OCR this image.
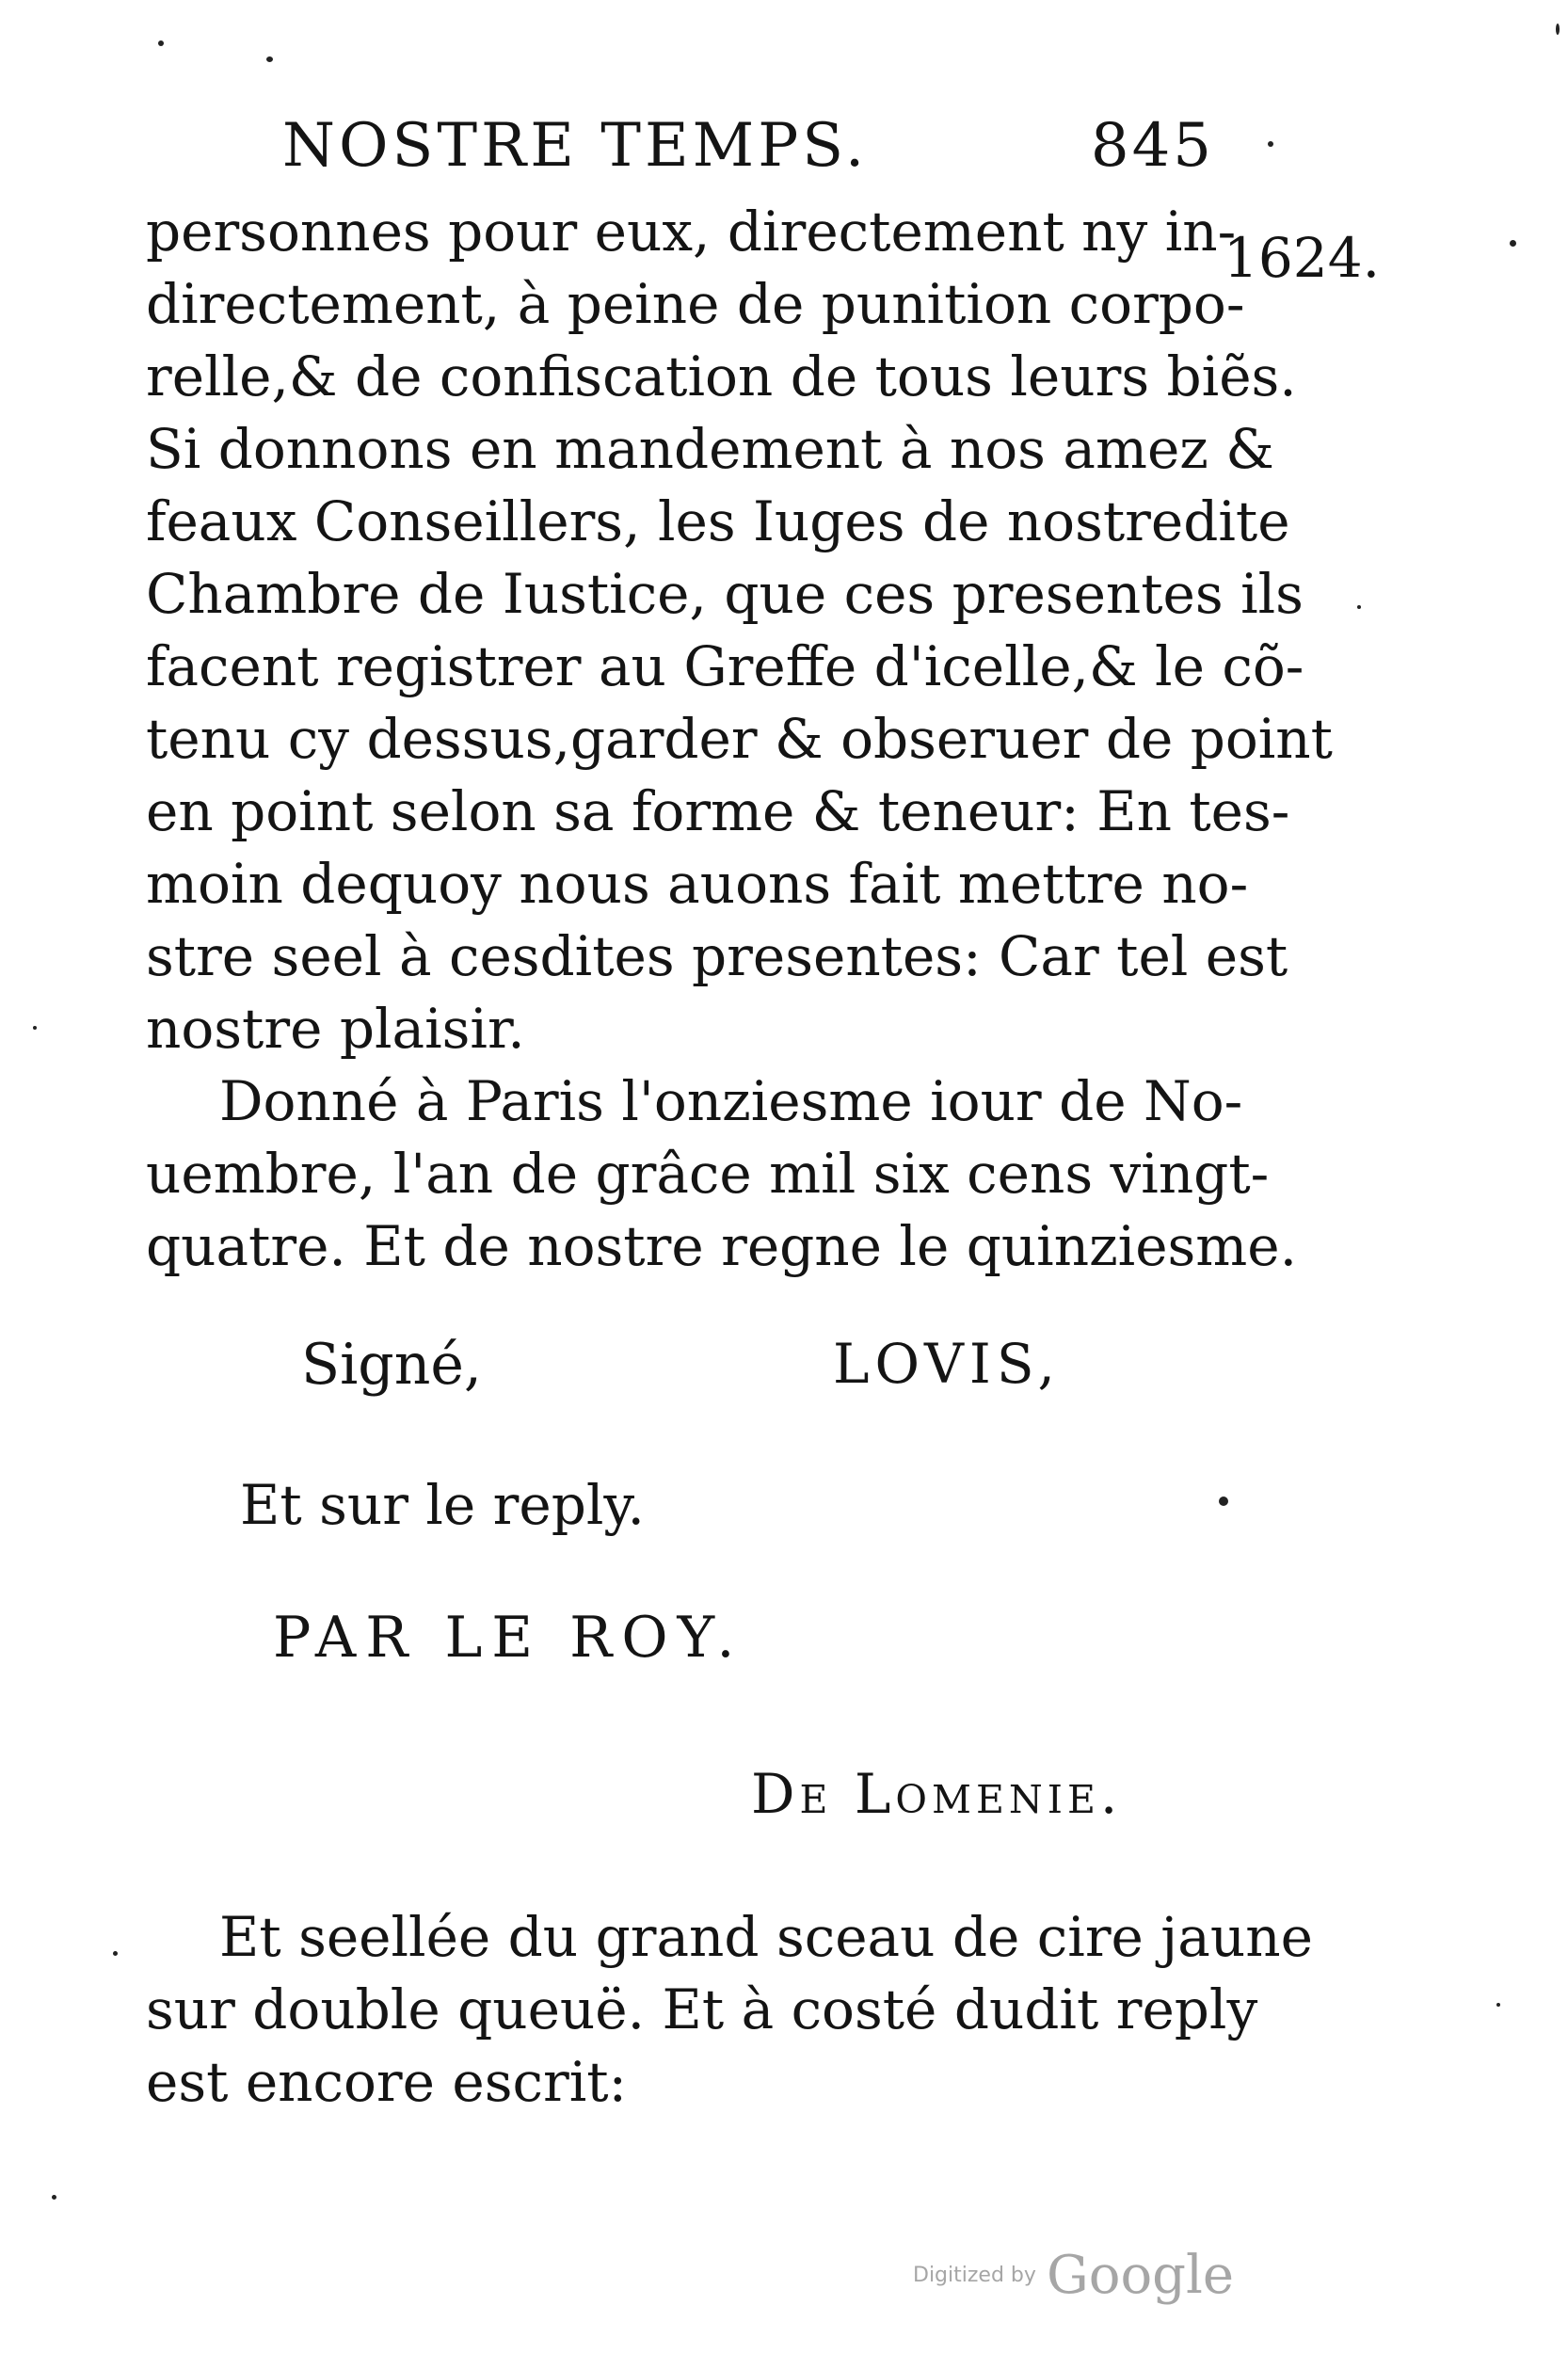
NOSTRE TEMPS.	845
1624.
personnes pour eux, directement ny in-
directement, à peine de punition corpo-
relle,& de confiscation de tous leurs biẽs.
Si donnons en mandement à nos amez &
feaux Conseillers, les Iuges de nostredite
Chambre de Iustice, que ces presentes ils
facent registrer au Greffe d'icelle,& le cõ-
tenu cy dessus,garder & obseruer de point
en point selon sa forme & teneur: En tes-
moin dequoy nous auons fait mettre no-
stre seel à cesdites presentes: Car tel est
nostre plaisir.
Donné à Paris l'onziesme iour de No-
uembre, l'an de grâce mil six cens vingt-
quatre. Et de nostre regne le quinziesme.
Signé,	LOVIS,
Et sur le reply.
PAR LE ROY.
De Lomenie.
Et seellée du grand sceau de cire jaune
sur double queuë. Et à costé dudit reply
est encore escrit:
Digitized by Google
